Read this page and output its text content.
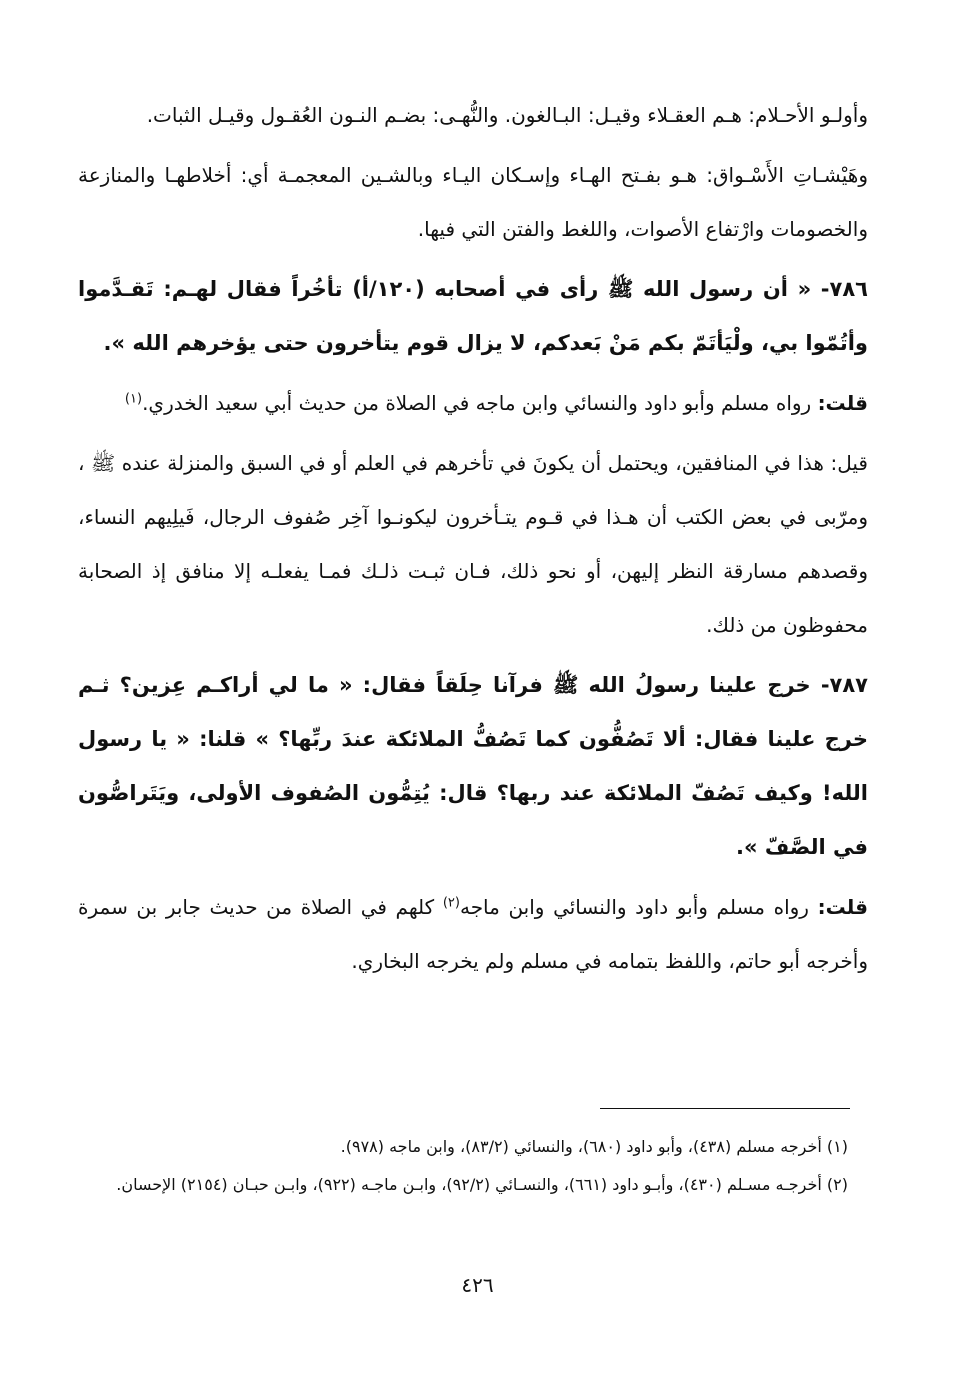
وأولـو الأحـلام: هـم العقـلاء وقيـل: البـالغون. والنُّهـى: بضـم النـون العُقـول وقيـل الثبات.

وهَيْشـاتِ الأَسْـواق: هـو بفـتح الهـاء وإسـكان اليـاء وبالشـين المعجمـة أي: أخلاطهـا والمنازعة والخصومات وارْتفاع الأصوات، واللغط والفتن التي فيها.

٧٨٦- « أن رسول الله ﷺ رأى في أصحابه (١٢٠/أ) تأخُراً فقال لهـم: تَقـدَّموا وأتُمّوا بي، ولْيَأتَمّ بكم مَنْ بَعدكم، لا يزال قوم يتأخرون حتى يؤخرهم الله ».

قلت: رواه مسلم وأبو داود والنسائي وابن ماجه في الصلاة من حديث أبي سعيد الخدري.$^{(١)}$

قيل: هذا في المنافقين، ويحتمل أن يكونَ في تأخرهم في العلم أو في السبق والمنزلة عنده ﷺ ، ومرّبى في بعض الكتب أن هـذا في قـوم يتـأخرون ليكونـوا آخِر صُفوف الرجال، فَيلِيهم النساء، وقصدهم مسارقة النظر إليهن، أو نحو ذلك، فـان ثبـت ذلـك فمـا يفعلـه إلا منافق إذ الصحابة محفوظون من ذلك.

٧٨٧- خرج علينا رسولُ الله ﷺ فرآنا حِلَقاً فقال: « ما لي أراكـم عِزين؟ ثـم خرج علينا فقال: ألا تَصُفُّون كما تَصُفُّ الملائكة عندَ ربِّها؟ » قلنا: « يا رسول الله! وكيف تَصُفّ الملائكة عند ربها؟ قال: يُتِمُّون الصُفوف الأولى، ويَتَراصُّون في الصَّفّ ».

قلت: رواه مسلم وأبو داود والنسائي وابن ماجه$^{(٢)}$ كلهم في الصلاة من حديث جابر بن سمرة وأخرجه أبو حاتم، واللفظ بتمامه في مسلم ولم يخرجه البخاري.

(١) أخرجه مسلم (٤٣٨)، وأبو داود (٦٨٠)، والنسائي (٨٣/٢)، وابن ماجه (٩٧٨).

(٢) أخرجـه مسـلم (٤٣٠)، وأبـو داود (٦٦١)، والنسـائي (٩٢/٢)، وابـن ماجـه (٩٢٢)، وابـن حبـان (٢١٥٤) الإحسان.

٤٢٦
